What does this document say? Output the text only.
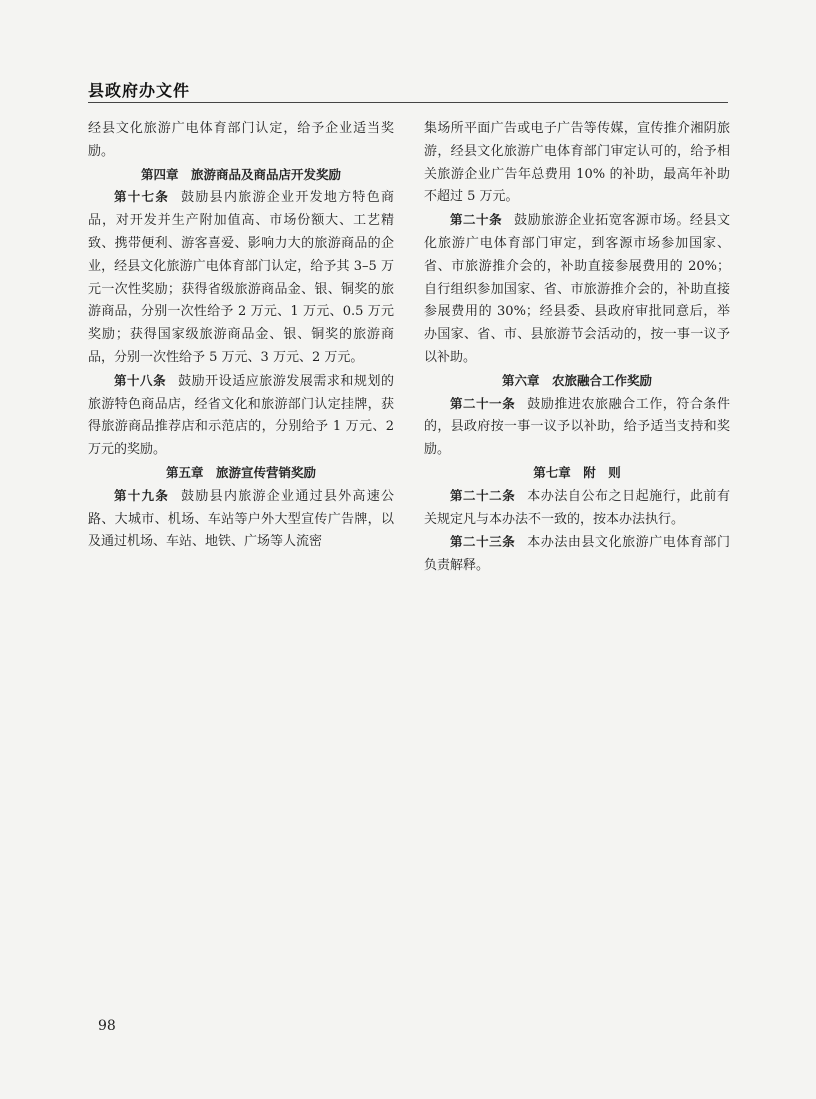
县政府办文件

经县文化旅游广电体育部门认定，给予企业适当奖励。

第四章　旅游商品及商品店开发奖励

第十七条 鼓励县内旅游企业开发地方特色商品，对开发并生产附加值高、市场份额大、工艺精致、携带便利、游客喜爱、影响力大的旅游商品的企业，经县文化旅游广电体育部门认定，给予其 3–5 万元一次性奖励；获得省级旅游商品金、银、铜奖的旅游商品，分别一次性给予 2 万元、1 万元、0.5 万元奖励；获得国家级旅游商品金、银、铜奖的旅游商品，分别一次性给予 5 万元、3 万元、2 万元。

第十八条 鼓励开设适应旅游发展需求和规划的旅游特色商品店，经省文化和旅游部门认定挂牌，获得旅游商品推荐店和示范店的，分别给予 1 万元、2 万元的奖励。

第五章　旅游宣传营销奖励

第十九条 鼓励县内旅游企业通过县外高速公路、大城市、机场、车站等户外大型宣传广告牌，以及通过机场、车站、地铁、广场等人流密

集场所平面广告或电子广告等传媒，宣传推介湘阴旅游，经县文化旅游广电体育部门审定认可的，给予相关旅游企业广告年总费用 10% 的补助，最高年补助不超过 5 万元。

第二十条 鼓励旅游企业拓宽客源市场。经县文化旅游广电体育部门审定，到客源市场参加国家、省、市旅游推介会的，补助直接参展费用的 20%；自行组织参加国家、省、市旅游推介会的，补助直接参展费用的 30%；经县委、县政府审批同意后，举办国家、省、市、县旅游节会活动的，按一事一议予以补助。

第六章　农旅融合工作奖励

第二十一条 鼓励推进农旅融合工作，符合条件的，县政府按一事一议予以补助，给予适当支持和奖励。

第七章　附　则

第二十二条 本办法自公布之日起施行，此前有关规定凡与本办法不一致的，按本办法执行。

第二十三条 本办法由县文化旅游广电体育部门负责解释。

98
